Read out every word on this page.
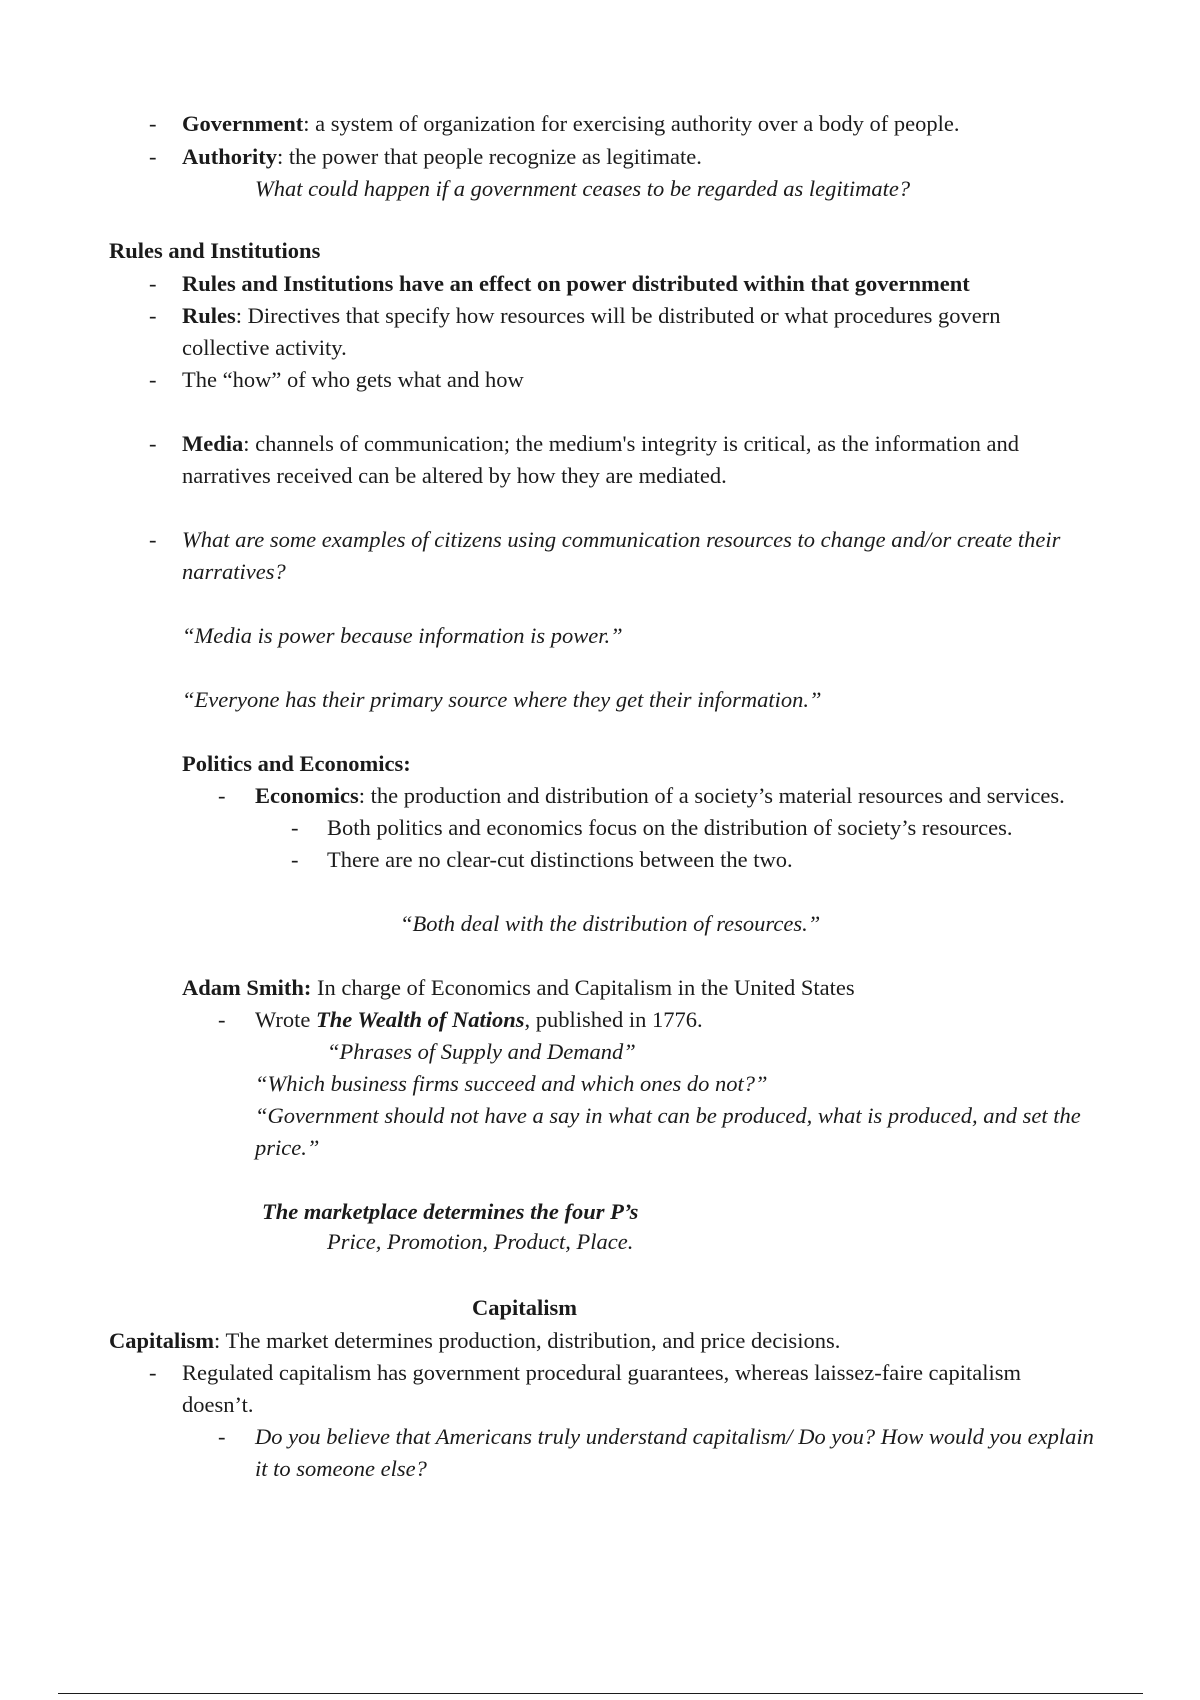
- Government: a system of organization for exercising authority over a body of people.
- Authority: the power that people recognize as legitimate.
What could happen if a government ceases to be regarded as legitimate?
Rules and Institutions
- Rules and Institutions have an effect on power distributed within that government
- Rules: Directives that specify how resources will be distributed or what procedures govern
collective activity.
- The “how” of who gets what and how
- Media: channels of communication; the medium's integrity is critical, as the information and
narratives received can be altered by how they are mediated.
- What are some examples of citizens using communication resources to change and/or create their
narratives?
“Media is power because information is power.”
“Everyone has their primary source where they get their information.”
Politics and Economics:
- Economics: the production and distribution of a society’s material resources and services.
- Both politics and economics focus on the distribution of society’s resources.
- There are no clear-cut distinctions between the two.
“Both deal with the distribution of resources.”
Adam Smith: In charge of Economics and Capitalism in the United States
- Wrote The Wealth of Nations, published in 1776.
“Phrases of Supply and Demand”
“Which business firms succeed and which ones do not?”
“Government should not have a say in what can be produced, what is produced, and set the
price.”
The marketplace determines the four P’s
Price, Promotion, Product, Place.
Capitalism
Capitalism: The market determines production, distribution, and price decisions.
- Regulated capitalism has government procedural guarantees, whereas laissez-faire capitalism
doesn’t.
- Do you believe that Americans truly understand capitalism/ Do you? How would you explain
it to someone else?
